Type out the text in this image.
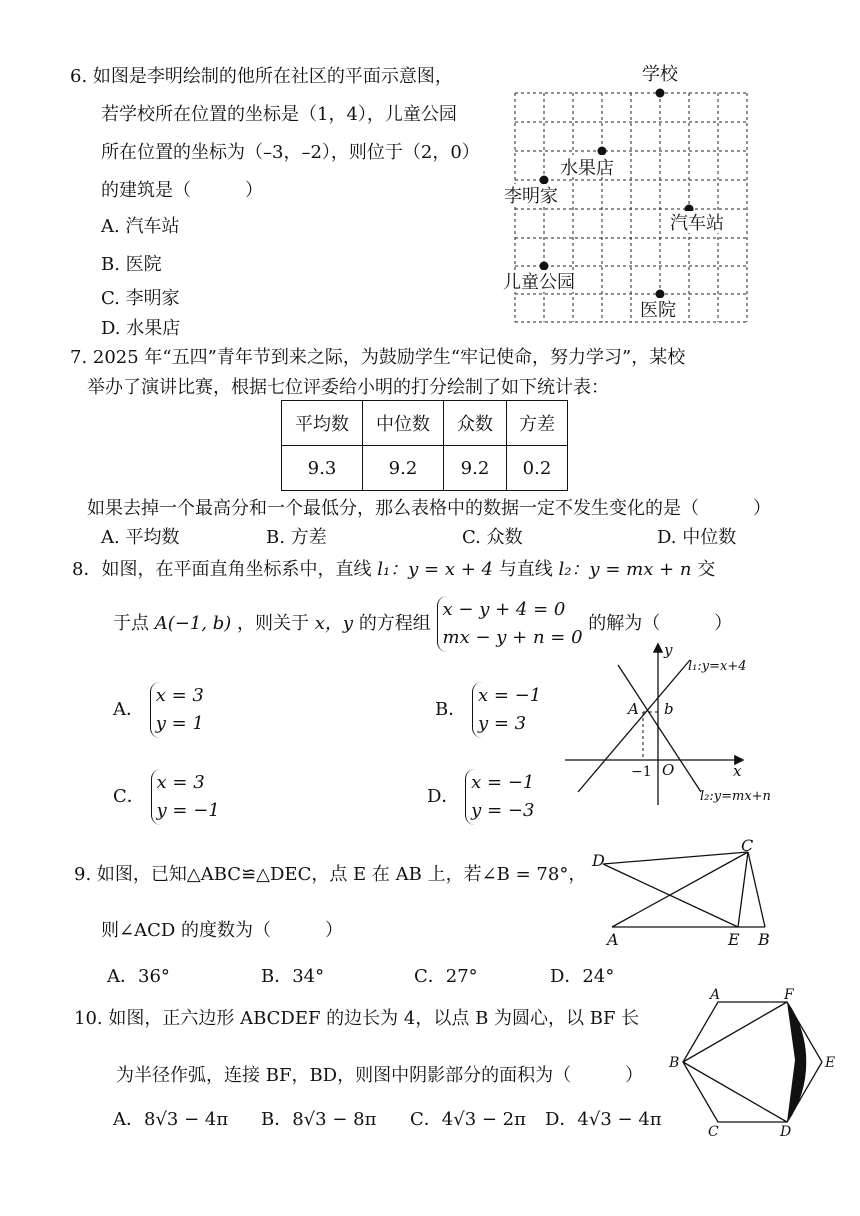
6. 如图是李明绘制的他所在社区的平面示意图，
若学校所在位置的坐标是（1，4），儿童公园
所在位置的坐标为（–3，–2），则位于（2，0）
的建筑是（　　　）
A. 汽车站
B. 医院
C. 李明家
D. 水果店
学校
水果店
李明家
汽车站
儿童公园
医院
7. 2025 年“五四”青年节到来之际，为鼓励学生“牢记使命，努力学习”，某校
举办了演讲比赛，根据七位评委给小明的打分绘制了如下统计表：
平均数	中位数	众数	方差
9.3	9.2	9.2	0.2
如果去掉一个最高分和一个最低分，那么表格中的数据一定不发生变化的是（　　　）
A. 平均数	B. 方差	C. 众数	D. 中位数
8．如图，在平面直角坐标系中，直线 l₁：y = x + 4 与直线 l₂：y = mx + n 交
于点 A(−1, b) ，则关于 x，y 的方程组
x − y + 4 = 0
mx − y + n = 0
的解为（　　　）
A．
x = 3
y = 1
B．
x = −1
y = 3
C．
x = 3
y = −1
D．
x = −1
y = −3
y
x
O
A b
l₁:y=x+4
l₂:y=mx+n
−1
9. 如图，已知△ABC≌△DEC，点 E 在 AB 上，若∠B = 78°，
则∠ACD 的度数为（　　　）
A．36°	B．34°	C．27°	D．24°
A	B
C
D
E
10. 如图，正六边形 ABCDEF 的边长为 4，以点 B 为圆心，以 BF 长
为半径作弧，连接 BF，BD，则图中阴影部分的面积为（　　　）
A．8√3 − 4π B．8√3 − 8π C．4√3 − 2π D．4√3 − 4π
A
B
C	D
E
F
